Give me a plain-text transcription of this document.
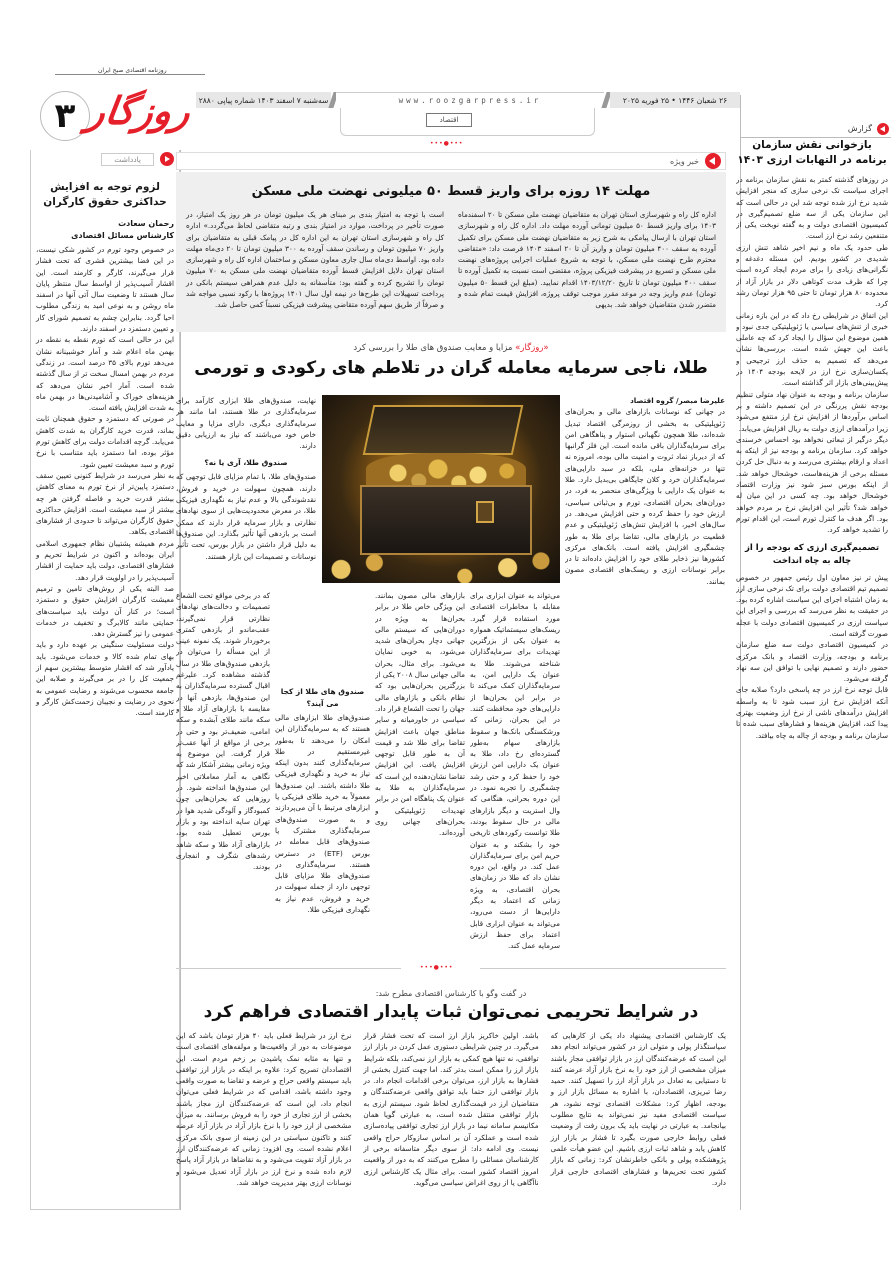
روزنامه اقتصادی صبح ایران
۳ روزگار سه‌شنبه ۷ اسفند ۱۴۰۳ شماره پیاپی ۲۸۸۰	www.roozgarpress.ir	۲۶ شعبان ۱۴۴۶ • ۲۵ فوریه ۲۰۲۵
اقتصاد
•••●•••
گزارش
بازخوانی نقش سازمان برنامه در التهابات ارزی ۱۴۰۳

در روزهای گذشته کمتر به نقش سازمان برنامه در اجرای سیاست تک نرخی سازی که منجر افزایش شدید نرخ ارز شده توجه شد این در حالی است که این سازمان یکی از سه ضلع تصمیم‌گیری در کمیسیون اقتصادی دولت و به گفته نوبخت یکی از متنفعین رشد نرخ ارز است.

طی حدود یک ماه و نیم اخیر شاهد تنش ارزی شدیدی در کشور بودیم. این مسئله دغدغه و نگرانی‌های زیادی را برای مردم ایجاد کرده است چرا که ظرف مدت کوتاهی دلار در بازار آزاد از محدوده ۸۰ هزار تومان تا حتی ۹۵ هزار تومان رشد کرد.

این اتفاق در شرایطی رخ داد که در این بازه زمانی خبری از تنش‌های سیاسی یا ژئوپلیتیکی جدی نبود و همین موضوع این سؤال را ایجاد کرد که چه عاملی باعث این جهش شده است. بررسی‌ها نشان می‌دهد که تصمیم به حذف ارز ترجیحی و یکسان‌سازی نرخ ارز در لایحه بودجه ۱۴۰۴ در پیش‌بینی‌های بازار اثر گذاشته است.

سازمان برنامه و بودجه به عنوان نهاد متولی تنظیم بودجه نقش پررنگی در این تصمیم داشته و بر اساس برآوردها از افزایش نرخ ارز منتفع می‌شود زیرا درآمدهای ارزی دولت به ریال افزایش می‌یابد.

دیگر درگیر از تبعاتی نخواهد بود احساس خرسندی خواهد کرد. سازمان برنامه و بودجه نیز از اینکه به اعداد و ارقام بیشتری می‌رسد و به دنبال حل کردن مسئله برخی از هزینه‌هاست، خوشحال خواهد شد. از اینکه بورس سبز شود نیز وزارت اقتصاد خوشحال خواهد بود. چه کسی در این میان له خواهد شد؟ تأثیر این افزایش نرخ بر مردم خواهد بود. اگر هدف ما کنترل تورم است، این اقدام تورم را تشدید خواهد کرد.

تصمیم‌گیری ارزی که بودجه را از چاله به چاه انداخت

پیش تر نیز معاون اول رئیس جمهور در خصوص تصمیم تیم اقتصادی دولت برای تک نرخی سازی ارز به زمان اشتباه اجرای این سیاست اشاره کرده بود. در حقیقت به نظر می‌رسد که بررسی و اجرای این سیاست ارزی در کمیسیون اقتصادی دولت با عجله صورت گرفته است.

در کمیسیون اقتصادی دولت سه ضلع سازمان برنامه و بودجه، وزارت اقتصاد و بانک مرکزی حضور دارند و تصمیم نهایی با توافق این سه نهاد گرفته می‌شود.

قابل توجه نرخ ارز در چه پاسخی دارد؟ صلابه جای آنکه افزایش نرخ ارز سبب شود تا به واسطه افزایش درآمدهای ناشی از نرخ ارز وضعیت بهتری پیدا کند، افزایش هزینه‌ها و فشارهای سبب شده تا سازمان برنامه و بودجه از چاله به چاه بیافتد.

لزوم توجه به افزایش حداکثری حقوق کارگران
رحمان سعادت
کارشناس مسائل اقتصادی

در خصوص وجود تورم در کشور شکی نیست، در این فضا بیشترین قشری که تحت فشار قرار می‌گیرند، کارگر و کارمند است. این اقشار آسیب‌پذیر از اواسط سال منتظر پایان سال هستند تا وضعیت سال آتی آنها در اسفند ماه روشن و به نوعی امید به زندگی مطلوب احیا گردد. بنابراین چشم به تصمیم شورای کار و تعیین دستمزد در اسفند دارند.

این در حالی است که تورم نقطه به نقطه در بهمن ماه اعلام شد و آمار خوشبینانه نشان می‌دهد تورم بالای ۳۵ درصد است. در زندگی مردم در بهمن امسال سخت تر از سال گذشته شده است. آمار اخیر نشان می‌دهد که هزینه‌های خوراک و آشامیدنی‌ها در بهمن ماه به شدت افزایش یافته است.

در صورتی که دستمزد و حقوق همچنان ثابت بماند، قدرت خرید کارگران به شدت کاهش می‌یابد. گرچه اقدامات دولت برای کاهش تورم مؤثر بوده، اما دستمزد باید متناسب با نرخ تورم و سبد معیشت تعیین شود.

به نظر می‌رسد در شرایط کنونی تعیین سقف دستمزد پایین‌تر از نرخ تورم به معنای کاهش بیشتر قدرت خرید و فاصله گرفتن هر چه بیشتر از سبد معیشت است. افزایش حداکثری حقوق کارگران می‌تواند تا حدودی از فشارهای اقتصادی بکاهد.

مردم همیشه پشتیبان نظام جمهوری اسلامی ایران بوده‌اند و اکنون در شرایط تحریم و فشارهای اقتصادی، دولت باید حمایت از اقشار آسیب‌پذیر را در اولویت قرار دهد.

صد البته یکی از روش‌های تامین و ترمیم معیشت کارگران افزایش حقوق و دستمزد است؛ در کنار آن دولت باید سیاست‌های حمایتی مانند کالابرگ و تخفیف در خدمات عمومی را نیز گسترش دهد.

دولت مسئولیت سنگینی بر عهده دارد و باید بهای تمام شده کالا و خدمات می‌شود. باید یادآور شد که اقشار متوسط بیشترین سهم از جمعیت کل را در بر می‌گیرند و صلابه این جامعه محسوب می‌شوند و رضایت عمومی به نحوی در رضایت و نجیبان زحمت‌کش کارگر و کارمند است.

یادداشت	خبر ویژه
مهلت ۱۴ روزه برای واریز قسط ۵۰ میلیونی نهضت ملی مسکن

اداره کل راه و شهرسازی استان تهران به متقاضیان نهضت ملی مسکن تا ۲۰ اسفندماه ۱۴۰۳ برای واریز قسط ۵۰ میلیون تومانی آورده مهلت داد. اداره کل راه و شهرسازی استان تهران با ارسال پیامکی به شرح زیر به متقاضیان نهضت ملی مسکن برای تکمیل آورده به سقف ۴۰۰ میلیون تومان و واریز آن تا ۲۰ اسفند ۱۴۰۳ فرصت داد: «متقاضی محترم طرح نهضت ملی مسکن، با توجه به شروع عملیات اجرایی پروژه‌های نهضت ملی مسکن و تسریع در پیشرفت فیزیکی پروژه، مقتضی است نسبت به تکمیل آورده تا سقف ۴۰۰ میلیون تومان تا تاریخ ۱۴۰۳/۱۲/۲۰ اقدام نمایید. (مبلغ این قسط ۵۰ میلیون تومان) عدم واریز وجه در موعد مقرر موجب توقف پروژه، افزایش قیمت تمام شده و متضرر شدن متقاضیان خواهد شد. بدیهی

است با توجه به امتیاز بندی بر مبنای هر یک میلیون تومان در هر روز یک امتیاز، در صورت تأخیر در پرداخت، موارد در امتیاز بندی و رتبه متقاضی لحاظ می‌گردد.» اداره کل راه و شهرسازی استان تهران به این اداره کل در پیامک قبلی به متقاضیان برای واریز ۷۰ میلیون تومان و رساندن سقف آورده به ۳۰۰ میلیون تومان تا ۲۰ دی‌ماه مهلت داده بود. اواسط دی‌ماه سال جاری معاون مسکن و ساختمان اداره کل راه و شهرسازی استان تهران دلایل افزایش قسط آورده متقاضیان نهضت ملی مسکن به ۷۰ میلیون تومان را تشریح کرده و گفته بود: متأسفانه به دلیل عدم همراهی سیستم بانکی در پرداخت تسهیلات این طرح‌ها در نیمه اول سال ۱۴۰۱ پروژه‌ها با رکود نسبی مواجه شد و صرفاً از طریق سهم آورده متقاضی پیشرفت فیزیکی نسبتاً کمی حاصل شد.

«روزگار» مزایا و معایب صندوق های طلا را بررسی کرد
طلا، ناجی سرمایه معامله گران در تلاطم های رکودی و تورمی
علیرضا مبصر/ گروه اقتصاد

در جهانی که نوسانات بازارهای مالی و بحران‌های ژئوپلیتیکی به بخشی از روزمرگی اقتصاد تبدیل شده‌اند، طلا همچون نگهبانی استوار و پناهگاهی امن برای سرمایه‌گذاران باقی مانده است. این فلز گرانبها که از دیرباز نماد ثروت و امنیت مالی بوده، امروزه نه تنها در خزانه‌های ملی، بلکه در سبد دارایی‌های سرمایه‌گذاران خرد و کلان جایگاهی بی‌بدیل دارد. طلا به عنوان یک دارایی با ویژگی‌های منحصر به فرد، در دوران‌های بحران اقتصادی، تورم و بی‌ثباتی سیاسی، ارزش خود را حفظ کرده و حتی افزایش می‌دهد. در سال‌های اخیر، با افزایش تنش‌های ژئوپلیتیکی و عدم قطعیت در بازارهای مالی، تقاضا برای طلا به طور چشمگیری افزایش یافته است. بانک‌های مرکزی کشورها نیز ذخایر طلای خود را افزایش داده‌اند تا در برابر نوسانات ارزی و ریسک‌های اقتصادی مصون بمانند.

می‌تواند به عنوان ابزاری برای مقابله با مخاطرات اقتصادی مورد استفاده قرار گیرد. ریسک‌های سیستماتیک همواره به عنوان یکی از بزرگترین تهدیدات برای سرمایه‌گذاران شناخته می‌شوند. طلا به عنوان یک دارایی امن، به سرمایه‌گذاران کمک می‌کند تا در برابر این بحران‌ها از دارایی‌های خود محافظت کنند. در این بحران، زمانی که ورشکستگی بانک‌ها و سقوط بازارهای سهام به‌طور گسترده‌ای رخ داد، طلا به عنوان یک دارایی امن ارزش خود را حفظ کرد و حتی رشد چشمگیری را تجربه نمود. در این دوره بحرانی، هنگامی که وال استریت و دیگر بازارهای مالی در حال سقوط بودند، طلا توانست رکوردهای تاریخی خود را بشکند و به عنوان حریم امن برای سرمایه‌گذاران عمل کند. در واقع، این دوره نشان داد که طلا در زمان‌های بحران اقتصادی، به ویژه زمانی که اعتماد به دیگر دارایی‌ها از دست می‌رود، می‌تواند به عنوان ابزاری قابل اعتماد برای حفظ ارزش سرمایه عمل کند.

بازارهای مالی مصون بمانند. این ویژگی خاص طلا در برابر بحران‌ها به ویژه در دوران‌هایی که سیستم مالی جهانی دچار بحران‌های شدید می‌شود، به خوبی نمایان می‌شود. برای مثال، بحران مالی جهانی سال ۲۰۰۸ یکی از بزرگترین بحران‌هایی بود که نظام بانکی و بازارهای مالی جهان را تحت الشعاع قرار داد. سیاسی در خاورمیانه و سایر مناطق جهان باعث افزایش تقاضا برای طلا شد و قیمت آن به طور قابل توجهی افزایش یافت. این افزایش تقاضا نشان‌دهنده این است که سرمایه‌گذاران به طلا به عنوان یک پناهگاه امن در برابر تهدیدات ژئوپلیتیکی و بحران‌های جهانی روی آورده‌اند.

صندوق های طلا از کجا می آیند؟

صندوق‌های طلا ابزارهای مالی هستند که به سرمایه‌گذاران این امکان را می‌دهند تا به‌طور غیرمستقیم در طلا سرمایه‌گذاری کنند بدون اینکه نیاز به خرید و نگهداری فیزیکی طلا داشته باشند. این صندوق‌ها معمولاً به خرید طلای فیزیکی یا ابزارهای مرتبط با آن می‌پردازند و به صورت صندوق‌های سرمایه‌گذاری مشترک یا صندوق‌های قابل معامله در بورس (ETF) در دسترس هستند. سرمایه‌گذاری در صندوق‌های طلا مزایای قابل توجهی دارد از جمله سهولت در خرید و فروش، عدم نیاز به نگهداری فیزیکی طلا.

که در برخی مواقع تحت الشعاع تصمیمات و دخالت‌های نهادهای نظارتی قرار نمی‌گیرند، عقب‌ماندو از بازدهی کمتری برخوردار شوند. یک نمونه عینی از این مسأله را می‌توان در بازدهی صندوق‌های طلا در سال گذشته مشاهده کرد. علیرغم اقبال گسترده سرمایه‌گذاران به این صندوق‌ها، بازدهی آنها در مقایسه با بازارهای آزاد طلا و سکه مانند طلای آبشده و سکه امامی، ضعیف‌تر بود و حتی در برخی از مواقع از آنها عقب‌تر قرار گرفت. این موضوع به ویژه زمانی بیشتر آشکار شد که نگاهی به آمار معاملاتی اخیر این صندوق‌ها انداخته شود. در روزهایی که بحران‌هایی چون کمبودگاز و آلودگی شدید هوا در تهران سایه انداخته بود و بازار بورس تعطیل شده بود، بازارهای آزاد طلا و سکه شاهد رشد‌های شگرف و انفجاری بودند.

نهایت، صندوق‌های طلا ابزاری کارآمد برای سرمایه‌گذاری در طلا هستند، اما مانند هر سرمایه‌گذاری دیگری، دارای مزایا و معایب خاص خود می‌باشند که نیاز به ارزیابی دقیق دارند.

صندوق طلا، آری یا نه؟

صندوق‌های طلا، با تمام مزایای قابل توجهی که دارند، همچون سهولت در خرید و فروش، نقدشوندگی بالا و عدم نیاز به نگهداری فیزیکی طلا، در معرض محدودیت‌هایی از سوی نهادهای نظارتی و بازار سرمایه قرار دارند که ممکن است بر بازدهی آنها تأثیر بگذارد. این صندوق‌ها به دلیل قرار داشتن در بازار بورس، تحت تأثیر نوسانات و تصمیمات این بازار هستند.

•••●•••
در گفت وگو با کارشناس اقتصادی مطرح شد:
در شرایط تحریمی نمی‌توان ثبات پایدار اقتصادی فراهم کرد

یک کارشناس اقتصادی پیشنهاد داد یکی از کارهایی که سیاستگذار پولی و متولی ارز در کشور می‌تواند انجام دهد این است که عرضه‌کنندگان ارز در بازار توافقی مجاز باشند میزان مشخصی از ارز خود را به نرخ بازار آزاد عرضه کنند تا دستیابی به تعادل در بازار آزاد ارز را تسهیل کنند. حمید رضا تبریزی، اقتصاددان، با اشاره به مسائل بازار ارز و بودجه، اظهار کرد: مشکلات اقتصادی توجه نشود، هر سیاست اقتصادی مفید نیز نمی‌تواند به نتایج مطلوب بیانجامد. به عبارتی در نهایت باید یک برون رفت از وضعیت فعلی روابط خارجی صورت بگیرد تا فشار بر بازار ارز کاهش یابد و شاهد ثبات ارزی باشیم. این عضو هیأت علمی پژوهشکده پولی و بانکی خاطرنشان کرد: زمانی که بازار کشور تحت تحریم‌ها و فشارهای اقتصادی خارجی قرار دارد.

باشد. اولین خاکریز بازار ارز است که تحت فشار قرار می‌گیرد. در چنین شرایطی دستوری عمل کردن در بازار ارز توافقی، نه تنها هیچ کمکی به بازار ارز نمی‌کند، بلکه شرایط بازار ارز را ممکن است بدتر کند. اما جهت کنترل بخشی از فشارها به بازار ارز، می‌توان برخی اقدامات انجام داد. در بازار توافقی ارز حتما باید توافق واقعی عرضه‌کنندگان و متقاضیان ارز در قیمت‌گذاری لحاظ شود. سیستم ارزی به بازار توافقی منتقل شده است، به عبارتی گویا همان مکانیسم سامانه نیما در بازار ارز تجاری توافقی پیاده‌سازی شده است و عملکرد آن بر اساس سازوکار حراج واقعی نیست. وی ادامه داد: از سوی دیگر متاسفانه برخی از کارشناسان مسائلی را مطرح می‌کنند که به دور از واقعیت امروز اقتصاد کشور است. برای مثال یک کارشناس ارزی ناآگاهی یا از روی اغراض سیاسی می‌گوید.

نرخ ارز در شرایط فعلی باید ۴۰ هزار تومان باشد که این موضوعات به دور از واقعیت‌ها و مولفه‌های اقتصادی است و تنها به مثابه نمک پاشیدن بر زخم مردم است. این اقتصاددان تصریح کرد: علاوه بر اینکه در بازار ارز توافقی باید سیستم واقعی حراج و عرضه و تقاضا به صورت واقعی وجود داشته باشد، اقدامی که در شرایط فعلی می‌توان انجام داد، این است که عرضه‌کنندگان ارز مجاز باشند بخشی از ارز تجاری از خود را به فروش برسانند. به میزان مشخصی از ارز خود را با نرخ بازار آزاد در بازار آزاد عرضه کنند و تاکنون سیاستی در این زمینه از سوی بانک مرکزی اعلام نشده است. وی افزود: زمانی که عرضه‌کنندگان ارز در بازار آزاد تقویت می‌شود و به نقاضاها در بازار آزاد پاسخ لازم داده شده و نرخ ارز در بازار آزاد تعدیل می‌شود و نوسانات ارزی بهتر مدیریت خواهد شد.
